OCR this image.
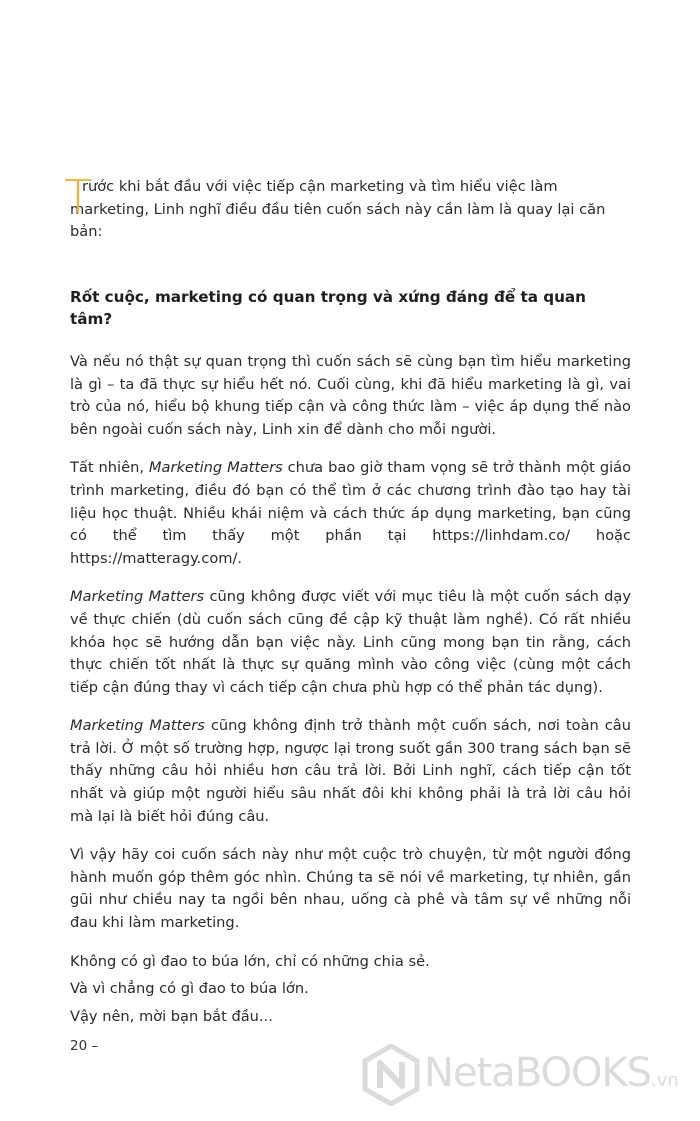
T
rước khi bắt đầu với việc tiếp cận marketing và tìm hiểu việc làm marketing, Linh nghĩ điều đầu tiên cuốn sách này cần làm là quay lại căn bản:
Rốt cuộc, marketing có quan trọng và xứng đáng để ta quan tâm?

Và nếu nó thật sự quan trọng thì cuốn sách sẽ cùng bạn tìm hiểu marketing là gì – ta đã thực sự hiểu hết nó. Cuối cùng, khi đã hiểu marketing là gì, vai trò của nó, hiểu bộ khung tiếp cận và công thức làm – việc áp dụng thế nào bên ngoài cuốn sách này, Linh xin để dành cho mỗi người.

Tất nhiên, Marketing Matters chưa bao giờ tham vọng sẽ trở thành một giáo trình marketing, điều đó bạn có thể tìm ở các chương trình đào tạo hay tài liệu học thuật. Nhiều khái niệm và cách thức áp dụng marketing, bạn cũng có thể tìm thấy một phần tại https://linhdam.co/ hoặc https://matteragy.com/.

Marketing Matters cũng không được viết với mục tiêu là một cuốn sách dạy về thực chiến (dù cuốn sách cũng đề cập kỹ thuật làm nghề). Có rất nhiều khóa học sẽ hướng dẫn bạn việc này. Linh cũng mong bạn tin rằng, cách thực chiến tốt nhất là thực sự quăng mình vào công việc (cùng một cách tiếp cận đúng thay vì cách tiếp cận chưa phù hợp có thể phản tác dụng).

Marketing Matters cũng không định trở thành một cuốn sách, nơi toàn câu trả lời. Ở một số trường hợp, ngược lại trong suốt gần 300 trang sách bạn sẽ thấy những câu hỏi nhiều hơn câu trả lời. Bởi Linh nghĩ, cách tiếp cận tốt nhất và giúp một người hiểu sâu nhất đôi khi không phải là trả lời câu hỏi mà lại là biết hỏi đúng câu.

Vì vậy hãy coi cuốn sách này như một cuộc trò chuyện, từ một người đồng hành muốn góp thêm góc nhìn. Chúng ta sẽ nói về marketing, tự nhiên, gần gũi như chiều nay ta ngồi bên nhau, uống cà phê và tâm sự về những nỗi đau khi làm marketing.

Không có gì đao to búa lớn, chỉ có những chia sẻ.

Và vì chẳng có gì đao to búa lớn.

Vậy nên, mời bạn bắt đầu...

20 –
NetaBOOKS.vn
